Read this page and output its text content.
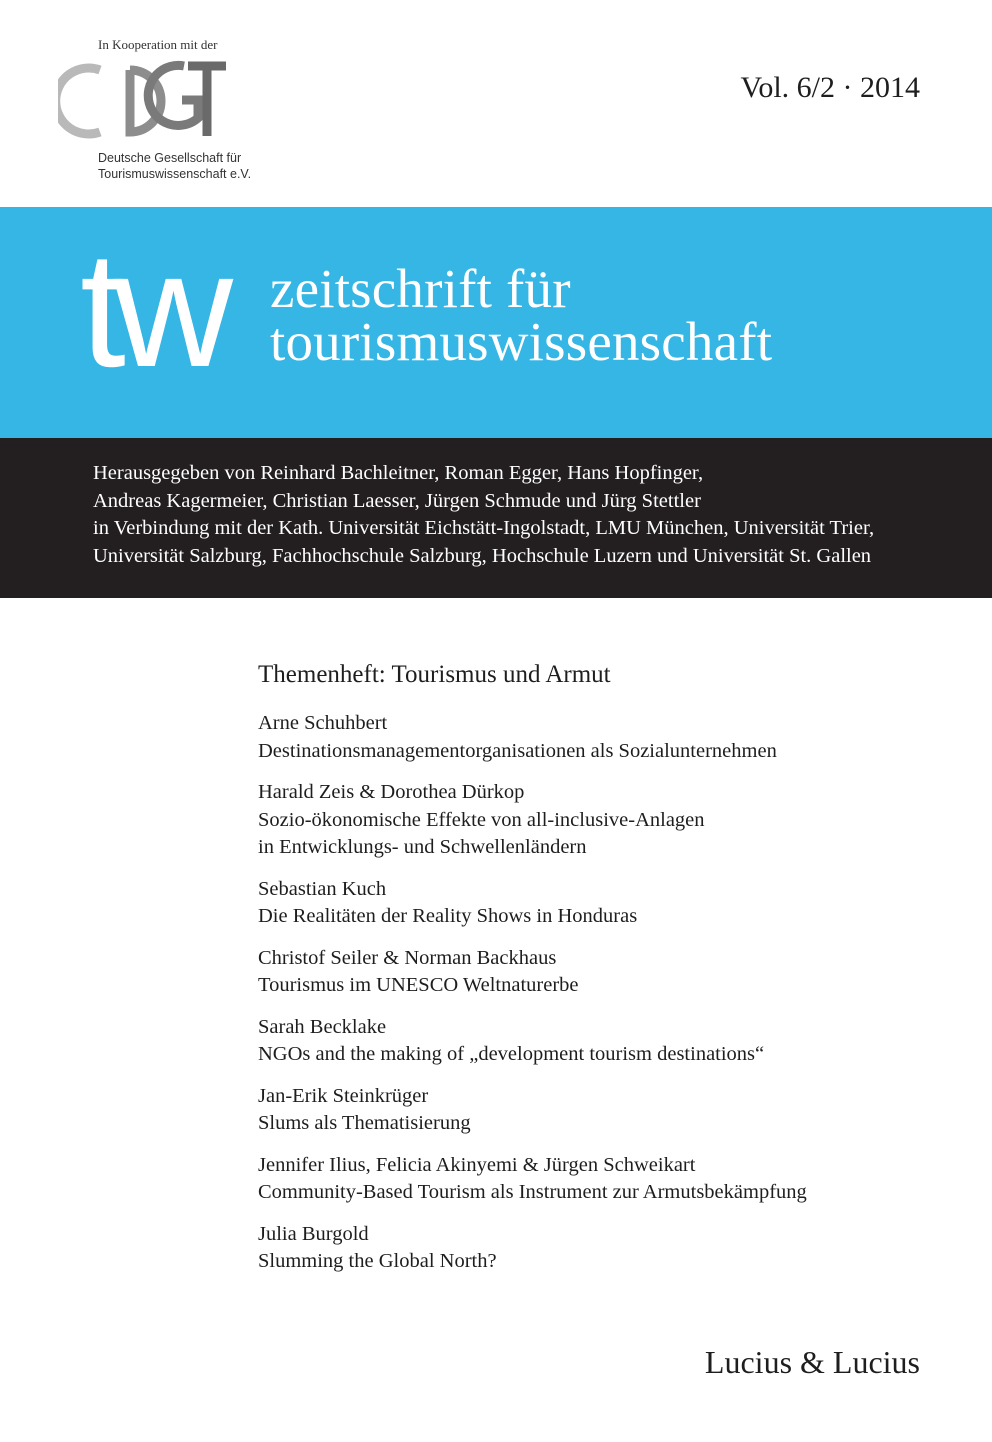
In Kooperation mit der
Deutsche Gesellschaft für
Tourismuswissenschaft e.V.
Vol. 6/2 · 2014
tw zeitschrift für
tourismuswissenschaft
Herausgegeben von Reinhard Bachleitner, Roman Egger, Hans Hopfinger,
Andreas Kagermeier, Christian Laesser, Jürgen Schmude und Jürg Stettler
in Verbindung mit der Kath. Universität Eichstätt-Ingolstadt, LMU München, Universität Trier,
Universität Salzburg, Fachhochschule Salzburg, Hochschule Luzern und Universität St. Gallen
Themenheft: Tourismus und Armut
Arne Schuhbert
Destinationsmanagementorganisationen als Sozialunternehmen
Harald Zeis & Dorothea Dürkop
Sozio-ökonomische Effekte von all-inclusive-Anlagen
in Entwicklungs- und Schwellenländern
Sebastian Kuch
Die Realitäten der Reality Shows in Honduras
Christof Seiler & Norman Backhaus
Tourismus im UNESCO Weltnaturerbe
Sarah Becklake
NGOs and the making of „development tourism destinations“
Jan-Erik Steinkrüger
Slums als Thematisierung
Jennifer Ilius, Felicia Akinyemi & Jürgen Schweikart
Community-Based Tourism als Instrument zur Armutsbekämpfung
Julia Burgold
Slumming the Global North?
Lucius & Lucius
